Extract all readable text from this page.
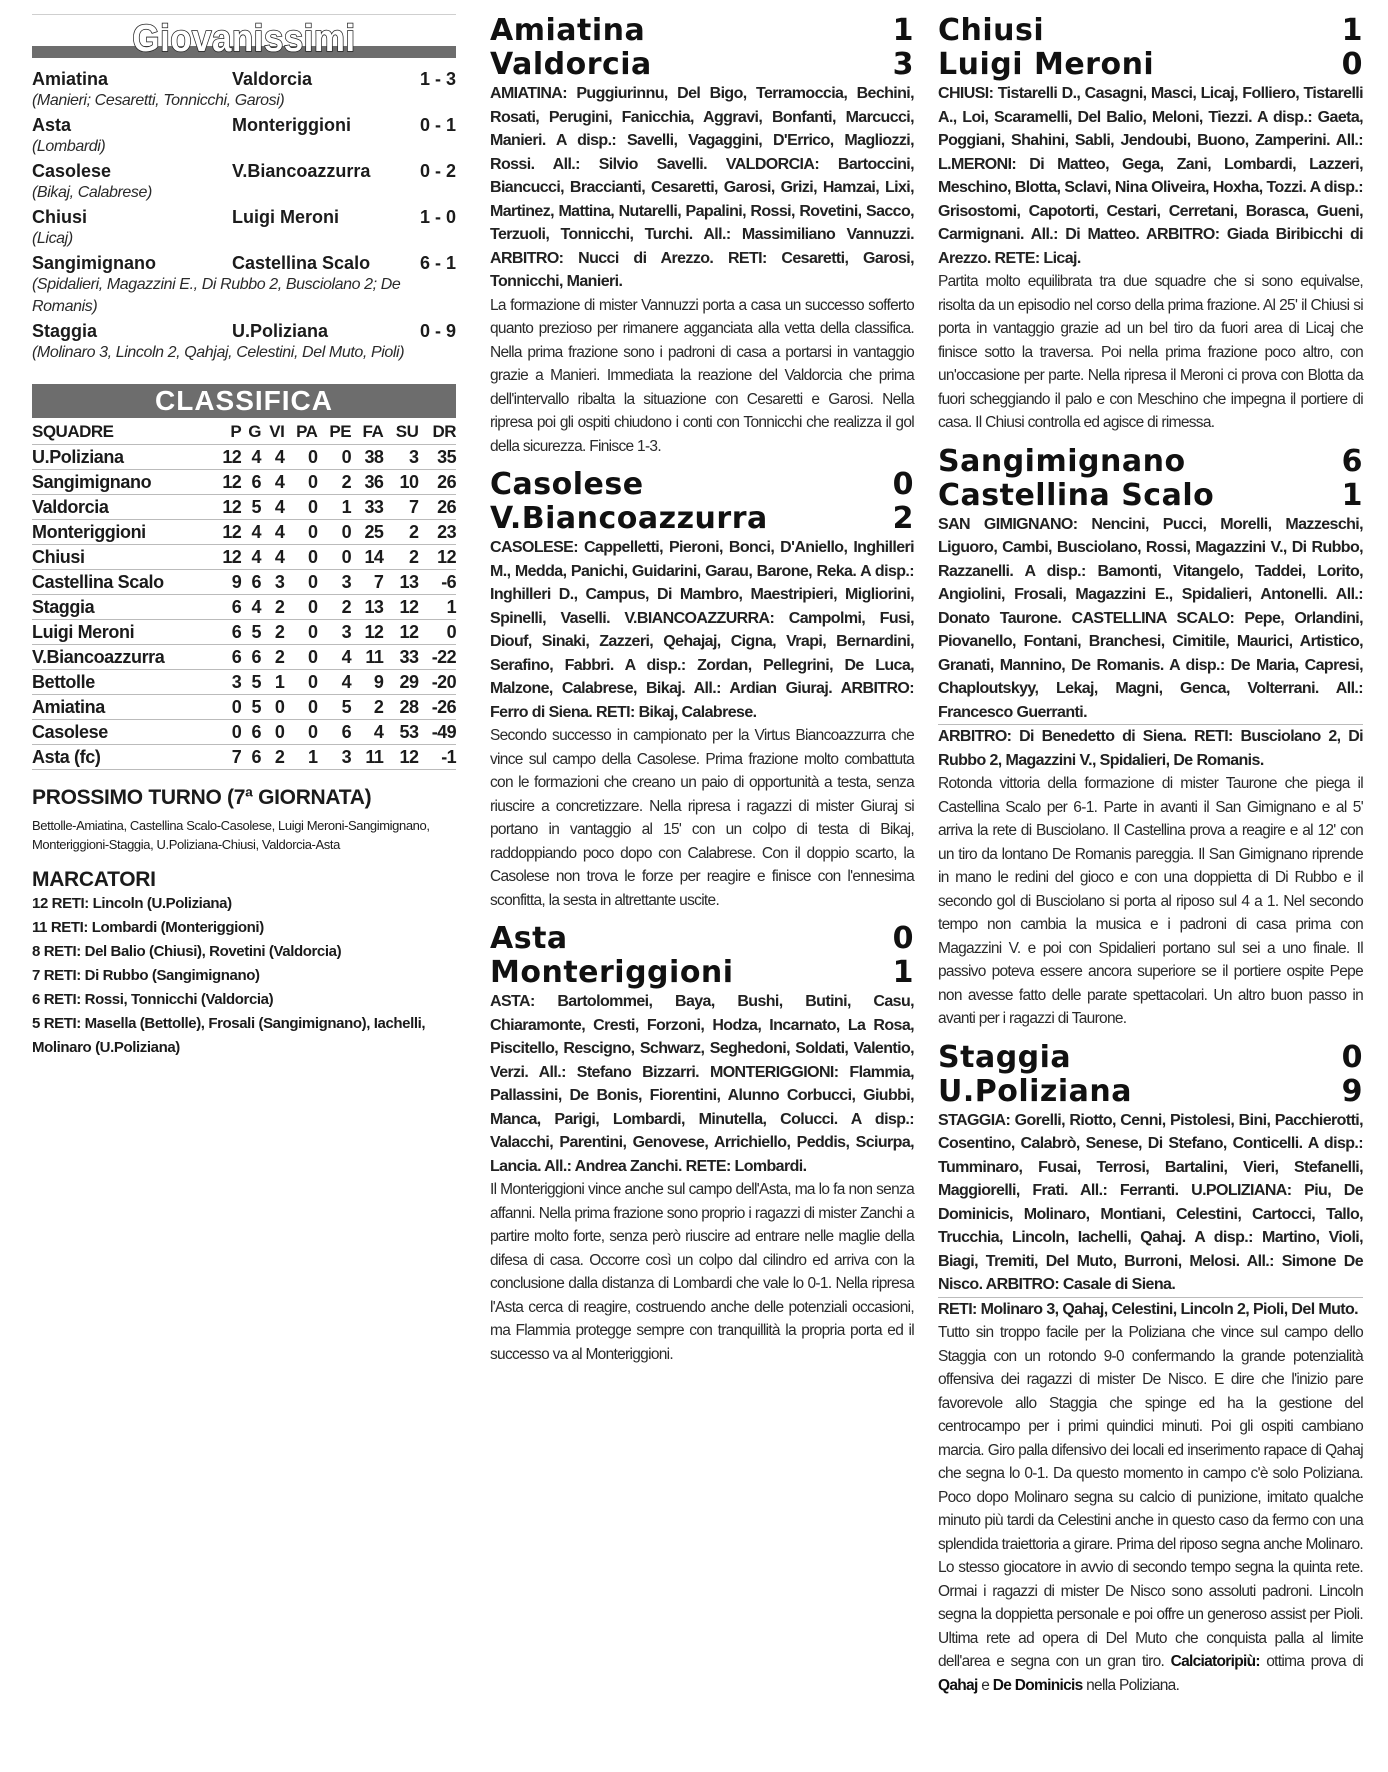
Giovanissimi
Amiatina	Valdorcia	1 - 3
(Manieri; Cesaretti, Tonnicchi, Garosi)
Asta	Monteriggioni	0 - 1
(Lombardi)
Casolese	V.Biancoazzurra	0 - 2
(Bikaj, Calabrese)
Chiusi	Luigi Meroni	1 - 0
(Licaj)
Sangimignano	Castellina Scalo	6 - 1
(Spidalieri, Magazzini E., Di Rubbo 2, Busciolano 2; De Romanis)
Staggia	U.Poliziana	0 - 9
(Molinaro 3, Lincoln 2, Qahjaj, Celestini, Del Muto, Pioli)
CLASSIFICA
SQUADRE	P	G	VI	PA	PE	FA	SU	DR
U.Poliziana	12	4	4	0	0	38	3	35
Sangimignano	12	6	4	0	2	36	10	26
Valdorcia	12	5	4	0	1	33	7	26
Monteriggioni	12	4	4	0	0	25	2	23
Chiusi	12	4	4	0	0	14	2	12
Castellina Scalo	9	6	3	0	3	7	13	-6
Staggia	6	4	2	0	2	13	12	1
Luigi Meroni	6	5	2	0	3	12	12	0
V.Biancoazzurra	6	6	2	0	4	11	33	-22
Bettolle	3	5	1	0	4	9	29	-20
Amiatina	0	5	0	0	5	2	28	-26
Casolese	0	6	0	0	6	4	53	-49
Asta (fc)	7	6	2	1	3	11	12	-1
PROSSIMO TURNO (7ª GIORNATA)
Bettolle-Amiatina, Castellina Scalo-Casolese, Luigi Meroni-Sangimignano, Monteriggioni-Staggia, U.Poliziana-Chiusi, Valdorcia-Asta
MARCATORI
12 RETI: Lincoln (U.Poliziana)
11 RETI: Lombardi (Monteriggioni)
8 RETI: Del Balio (Chiusi), Rovetini (Valdorcia)
7 RETI: Di Rubbo (Sangimignano)
6 RETI: Rossi, Tonnicchi (Valdorcia)
5 RETI: Masella (Bettolle), Frosali (Sangimignano), Iachelli, Molinaro (U.Poliziana)
Amiatina	1
Valdorcia	3
AMIATINA: Puggiurinnu, Del Bigo, Terramoccia, Bechini, Rosati, Perugini, Fanicchia, Aggravi, Bonfanti, Marcucci, Manieri. A disp.: Savelli, Vagaggini, D'Errico, Magliozzi, Rossi. All.: Silvio Savelli. VALDORCIA: Bartoccini, Biancucci, Braccianti, Cesaretti, Garosi, Grizi, Hamzai, Lixi, Martinez, Mattina, Nutarelli, Papalini, Rossi, Rovetini, Sacco, Terzuoli, Tonnicchi, Turchi. All.: Massimiliano Vannuzzi. ARBITRO: Nucci di Arezzo. RETI: Cesaretti, Garosi, Tonnicchi, Manieri.
La formazione di mister Vannuzzi porta a casa un successo sofferto quanto prezioso per rimanere agganciata alla vetta della classifica. Nella prima frazione sono i padroni di casa a portarsi in vantaggio grazie a Manieri. Immediata la reazione del Valdorcia che prima dell'intervallo ribalta la situazione con Cesaretti e Garosi. Nella ripresa poi gli ospiti chiudono i conti con Tonnicchi che realizza il gol della sicurezza. Finisce 1-3.
Casolese	0
V.Biancoazzurra	2
CASOLESE: Cappelletti, Pieroni, Bonci, D'Aniello, Inghilleri M., Medda, Panichi, Guidarini, Garau, Barone, Reka. A disp.: Inghilleri D., Campus, Di Mambro, Maestripieri, Migliorini, Spinelli, Vaselli. V.BIANCOAZZURRA: Campolmi, Fusi, Diouf, Sinaki, Zazzeri, Qehajaj, Cigna, Vrapi, Bernardini, Serafino, Fabbri. A disp.: Zordan, Pellegrini, De Luca, Malzone, Calabrese, Bikaj. All.: Ardian Giuraj. ARBITRO: Ferro di Siena. RETI: Bikaj, Calabrese.
Secondo successo in campionato per la Virtus Biancoazzurra che vince sul campo della Casolese. Prima frazione molto combattuta con le formazioni che creano un paio di opportunità a testa, senza riuscire a concretizzare. Nella ripresa i ragazzi di mister Giuraj si portano in vantaggio al 15' con un colpo di testa di Bikaj, raddoppiando poco dopo con Calabrese. Con il doppio scarto, la Casolese non trova le forze per reagire e finisce con l'ennesima sconfitta, la sesta in altrettante uscite.
Asta	0
Monteriggioni	1
ASTA: Bartolommei, Baya, Bushi, Butini, Casu, Chiaramonte, Cresti, Forzoni, Hodza, Incarnato, La Rosa, Piscitello, Rescigno, Schwarz, Seghedoni, Soldati, Valentio, Verzi. All.: Stefano Bizzarri. MONTERIGGIONI: Flammia, Pallassini, De Bonis, Fiorentini, Alunno Corbucci, Giubbi, Manca, Parigi, Lombardi, Minutella, Colucci. A disp.: Valacchi, Parentini, Genovese, Arrichiello, Peddis, Sciurpa, Lancia. All.: Andrea Zanchi. RETE: Lombardi.
Il Monteriggioni vince anche sul campo dell'Asta, ma lo fa non senza affanni. Nella prima frazione sono proprio i ragazzi di mister Zanchi a partire molto forte, senza però riuscire ad entrare nelle maglie della difesa di casa. Occorre così un colpo dal cilindro ed arriva con la conclusione dalla distanza di Lombardi che vale lo 0-1. Nella ripresa l'Asta cerca di reagire, costruendo anche delle potenziali occasioni, ma Flammia protegge sempre con tranquillità la propria porta ed il successo va al Monteriggioni.
Chiusi	1
Luigi Meroni	0
CHIUSI: Tistarelli D., Casagni, Masci, Licaj, Folliero, Tistarelli A., Loi, Scaramelli, Del Balio, Meloni, Tiezzi. A disp.: Gaeta, Poggiani, Shahini, Sabli, Jendoubi, Buono, Zamperini. All.: L.MERONI: Di Matteo, Gega, Zani, Lombardi, Lazzeri, Meschino, Blotta, Sclavi, Nina Oliveira, Hoxha, Tozzi. A disp.: Grisostomi, Capotorti, Cestari, Cerretani, Borasca, Gueni, Carmignani. All.: Di Matteo. ARBITRO: Giada Biribicchi di Arezzo. RETE: Licaj.
Partita molto equilibrata tra due squadre che si sono equivalse, risolta da un episodio nel corso della prima frazione. Al 25' il Chiusi si porta in vantaggio grazie ad un bel tiro da fuori area di Licaj che finisce sotto la traversa. Poi nella prima frazione poco altro, con un'occasione per parte. Nella ripresa il Meroni ci prova con Blotta da fuori scheggiando il palo e con Meschino che impegna il portiere di casa. Il Chiusi controlla ed agisce di rimessa.
Sangimignano	6
Castellina Scalo	1
SAN GIMIGNANO: Nencini, Pucci, Morelli, Mazzeschi, Liguoro, Cambi, Busciolano, Rossi, Magazzini V., Di Rubbo, Razzanelli. A disp.: Bamonti, Vitangelo, Taddei, Lorito, Angiolini, Frosali, Magazzini E., Spidalieri, Antonelli. All.: Donato Taurone. CASTELLINA SCALO: Pepe, Orlandini, Piovanello, Fontani, Branchesi, Cimitile, Maurici, Artistico, Granati, Mannino, De Romanis. A disp.: De Maria, Capresi, Chaploutskyy, Lekaj, Magni, Genca, Volterrani. All.: Francesco Guerranti.
ARBITRO: Di Benedetto di Siena. RETI: Busciolano 2, Di Rubbo 2, Magazzini V., Spidalieri, De Romanis.
Rotonda vittoria della formazione di mister Taurone che piega il Castellina Scalo per 6-1. Parte in avanti il San Gimignano e al 5' arriva la rete di Busciolano. Il Castellina prova a reagire e al 12' con un tiro da lontano De Romanis pareggia. Il San Gimignano riprende in mano le redini del gioco e con una doppietta di Di Rubbo e il secondo gol di Busciolano si porta al riposo sul 4 a 1. Nel secondo tempo non cambia la musica e i padroni di casa prima con Magazzini V. e poi con Spidalieri portano sul sei a uno finale. Il passivo poteva essere ancora superiore se il portiere ospite Pepe non avesse fatto delle parate spettacolari. Un altro buon passo in avanti per i ragazzi di Taurone.
Staggia	0
U.Poliziana	9
STAGGIA: Gorelli, Riotto, Cenni, Pistolesi, Bini, Pacchierotti, Cosentino, Calabrò, Senese, Di Stefano, Conticelli. A disp.: Tumminaro, Fusai, Terrosi, Bartalini, Vieri, Stefanelli, Maggiorelli, Frati. All.: Ferranti. U.POLIZIANA: Piu, De Dominicis, Molinaro, Montiani, Celestini, Cartocci, Tallo, Trucchia, Lincoln, Iachelli, Qahaj. A disp.: Martino, Violi, Biagi, Tremiti, Del Muto, Burroni, Melosi. All.: Simone De Nisco. ARBITRO: Casale di Siena.
RETI: Molinaro 3, Qahaj, Celestini, Lincoln 2, Pioli, Del Muto.
Tutto sin troppo facile per la Poliziana che vince sul campo dello Staggia con un rotondo 9-0 confermando la grande potenzialità offensiva dei ragazzi di mister De Nisco. E dire che l'inizio pare favorevole allo Staggia che spinge ed ha la gestione del centrocampo per i primi quindici minuti. Poi gli ospiti cambiano marcia. Giro palla difensivo dei locali ed inserimento rapace di Qahaj che segna lo 0-1. Da questo momento in campo c'è solo Poliziana. Poco dopo Molinaro segna su calcio di punizione, imitato qualche minuto più tardi da Celestini anche in questo caso da fermo con una splendida traiettoria a girare. Prima del riposo segna anche Molinaro. Lo stesso giocatore in avvio di secondo tempo segna la quinta rete. Ormai i ragazzi di mister De Nisco sono assoluti padroni. Lincoln segna la doppietta personale e poi offre un generoso assist per Pioli. Ultima rete ad opera di Del Muto che conquista palla al limite dell'area e segna con un gran tiro. Calciatoripiù: ottima prova di Qahaj e De Dominicis nella Poliziana.
